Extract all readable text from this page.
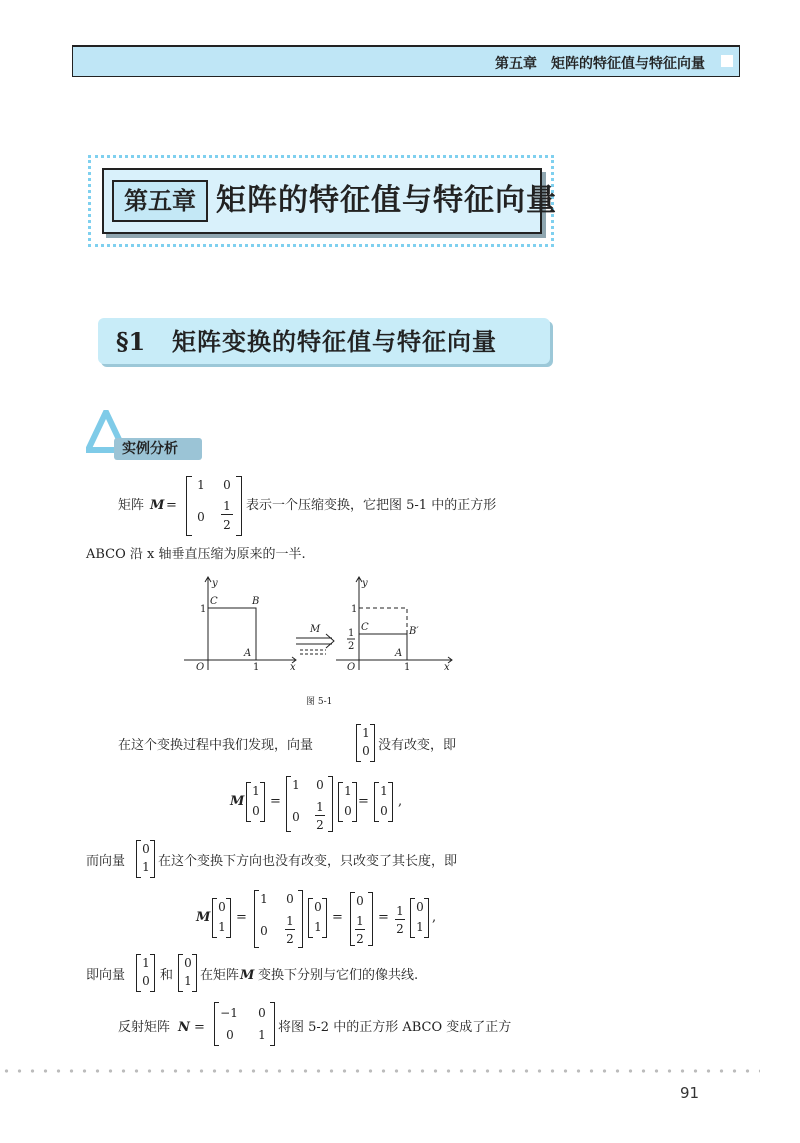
第五章　矩阵的特征值与特征向量
第五章 矩阵的特征值与特征向量
§1 矩阵变换的特征值与特征向量
实例分析
矩阵 M =
1 0
0
1
2
表示一个压缩变换，它把图 5-1 中的正方形
ABCO 沿 x 轴垂直压缩为原来的一半.
y
x
O
A
B
C
y
x
O
A
B′
C
M
1
1
1
1
1
2
图 5-1
在这个变换过程中我们发现，向量
1
0 没有改变，即
M
1
0
=
1 0
0
1
2
1
0
=
1
0
,
而向量
0
1 在这个变换下方向也没有改变，只改变了其长度，即
M
0
1
=
1 0
0
1
2
0
1
=
0
1
2
= 1
2
0
1
,
即向量
1
0 和
0
1 在矩阵 M 变换下分别与它们的像共线.
反射矩阵 N =
−1 0
0 1 将图 5-2 中的正方形 ABCO 变成了正方
91
